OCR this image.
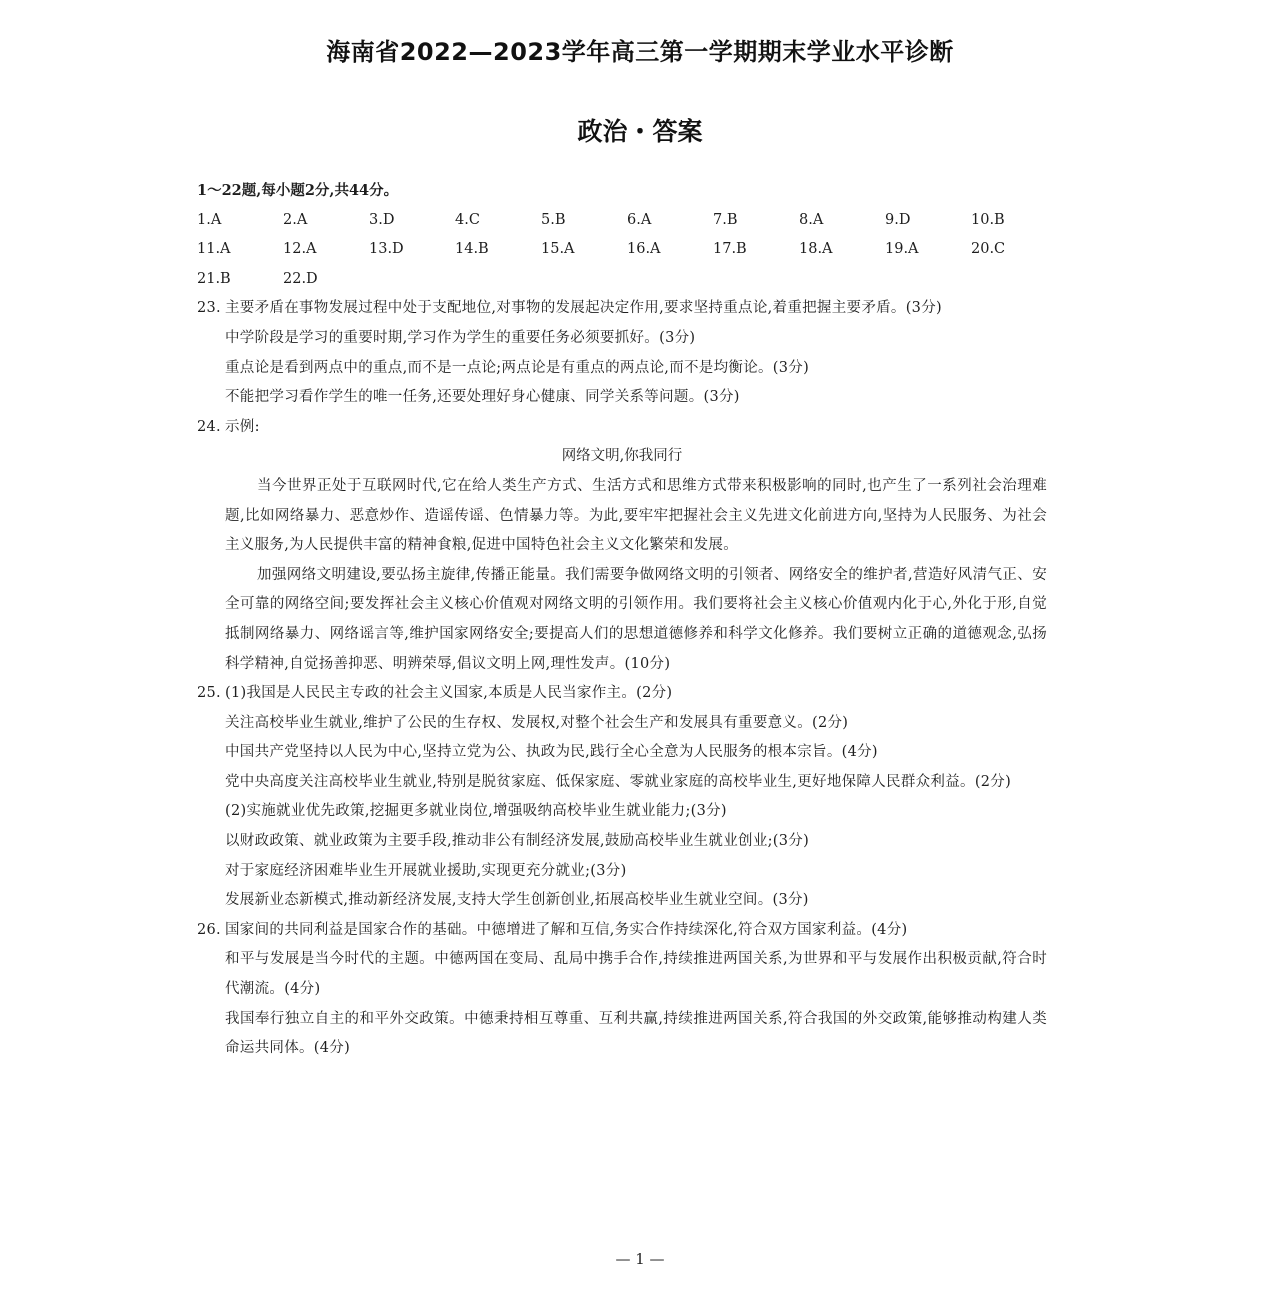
海南省2022—2023学年高三第一学期期末学业水平诊断
政治・答案

1～22题,每小题2分,共44分。

1.A	2.A	3.D	4.C	5.B	6.A	7.B	8.A	9.D	10.B
11.A	12.A	13.D	14.B	15.A	16.A	17.B	18.A	19.A	20.C
21.B	22.D
23. 主要矛盾在事物发展过程中处于支配地位,对事物的发展起决定作用,要求坚持重点论,着重把握主要矛盾。(3分)
中学阶段是学习的重要时期,学习作为学生的重要任务必须要抓好。(3分)
重点论是看到两点中的重点,而不是一点论;两点论是有重点的两点论,而不是均衡论。(3分)
不能把学习看作学生的唯一任务,还要处理好身心健康、同学关系等问题。(3分)
24. 示例:
网络文明,你我同行
当今世界正处于互联网时代,它在给人类生产方式、生活方式和思维方式带来积极影响的同时,也产生了一系列社会治理难题,比如网络暴力、恶意炒作、造谣传谣、色情暴力等。为此,要牢牢把握社会主义先进文化前进方向,坚持为人民服务、为社会主义服务,为人民提供丰富的精神食粮,促进中国特色社会主义文化繁荣和发展。
加强网络文明建设,要弘扬主旋律,传播正能量。我们需要争做网络文明的引领者、网络安全的维护者,营造好风清气正、安全可靠的网络空间;要发挥社会主义核心价值观对网络文明的引领作用。我们要将社会主义核心价值观内化于心,外化于形,自觉抵制网络暴力、网络谣言等,维护国家网络安全;要提高人们的思想道德修养和科学文化修养。我们要树立正确的道德观念,弘扬科学精神,自觉扬善抑恶、明辨荣辱,倡议文明上网,理性发声。(10分)
25. (1)我国是人民民主专政的社会主义国家,本质是人民当家作主。(2分)
关注高校毕业生就业,维护了公民的生存权、发展权,对整个社会生产和发展具有重要意义。(2分)
中国共产党坚持以人民为中心,坚持立党为公、执政为民,践行全心全意为人民服务的根本宗旨。(4分)
党中央高度关注高校毕业生就业,特别是脱贫家庭、低保家庭、零就业家庭的高校毕业生,更好地保障人民群众利益。(2分)
(2)实施就业优先政策,挖掘更多就业岗位,增强吸纳高校毕业生就业能力;(3分)
以财政政策、就业政策为主要手段,推动非公有制经济发展,鼓励高校毕业生就业创业;(3分)
对于家庭经济困难毕业生开展就业援助,实现更充分就业;(3分)
发展新业态新模式,推动新经济发展,支持大学生创新创业,拓展高校毕业生就业空间。(3分)
26. 国家间的共同利益是国家合作的基础。中德增进了解和互信,务实合作持续深化,符合双方国家利益。(4分)
和平与发展是当今时代的主题。中德两国在变局、乱局中携手合作,持续推进两国关系,为世界和平与发展作出积极贡献,符合时代潮流。(4分)
我国奉行独立自主的和平外交政策。中德秉持相互尊重、互利共赢,持续推进两国关系,符合我国的外交政策,能够推动构建人类命运共同体。(4分)
— 1 —
